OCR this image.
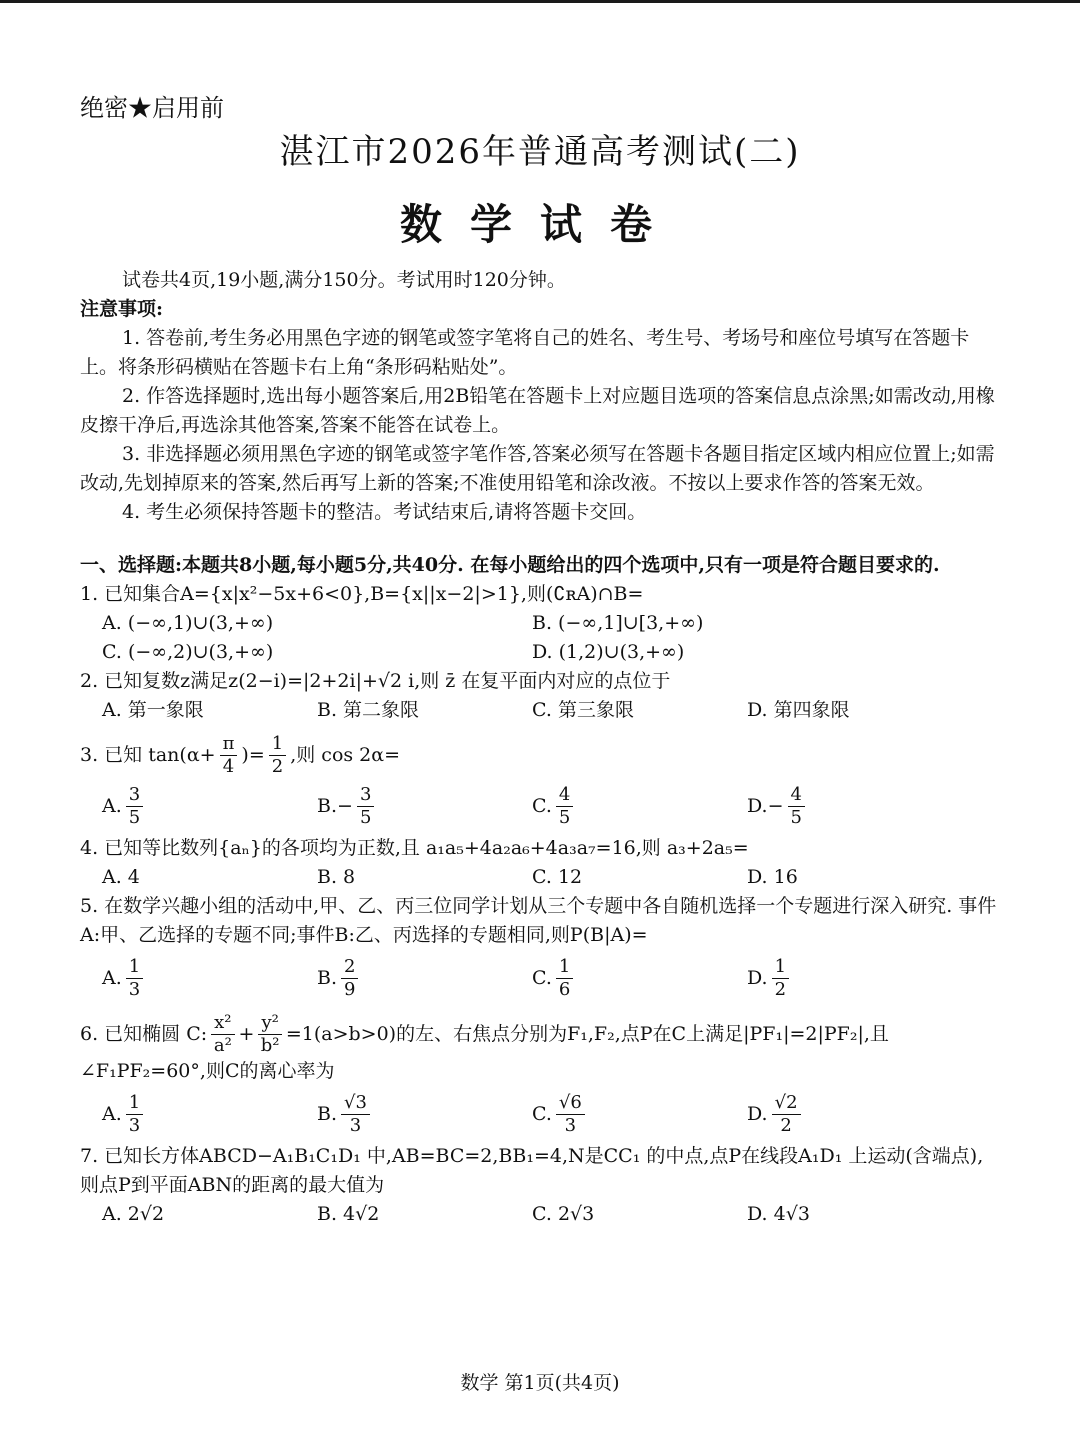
绝密★启用前

湛江市2026年普通高考测试(二)

数学试卷

试卷共4页,19小题,满分150分。考试用时120分钟。

注意事项:

1. 答卷前,考生务必用黑色字迹的钢笔或签字笔将自己的姓名、考生号、考场号和座位号填写在答题卡上。将条形码横贴在答题卡右上角“条形码粘贴处”。

2. 作答选择题时,选出每小题答案后,用2B铅笔在答题卡上对应题目选项的答案信息点涂黑;如需改动,用橡皮擦干净后,再选涂其他答案,答案不能答在试卷上。

3. 非选择题必须用黑色字迹的钢笔或签字笔作答,答案必须写在答题卡各题目指定区域内相应位置上;如需改动,先划掉原来的答案,然后再写上新的答案;不准使用铅笔和涂改液。不按以上要求作答的答案无效。

4. 考生必须保持答题卡的整洁。考试结束后,请将答题卡交回。

一、选择题:本题共8小题,每小题5分,共40分. 在每小题给出的四个选项中,只有一项是符合题目要求的.

1. 已知集合A={x|x²−5x+6<0},B={x||x−2|>1},则(∁ʀA)∩B=

A. (−∞,1)∪(3,+∞)	B. (−∞,1]∪[3,+∞)
C. (−∞,2)∪(3,+∞)	D. (1,2)∪(3,+∞)

2. 已知复数z满足z(2−i)=|2+2i|+√2 i,则 z̄ 在复平面内对应的点位于

A. 第一象限	B. 第二象限	C. 第三象限	D. 第四象限
3. 已知 $\tan(\alpha+ \frac{\pi}{4}$ )= $\frac{1}{2}$ ,则 cos 2α=
A. $\frac{3}{5}$	B. − $\frac{3}{5}$	C. $\frac{4}{5}$	D. − $\frac{4}{5}$

4. 已知等比数列{aₙ}的各项均为正数,且 a₁a₅+4a₂a₆+4a₃a₇=16,则 a₃+2a₅=

A. 4	B. 8	C. 12	D. 16

5. 在数学兴趣小组的活动中,甲、乙、丙三位同学计划从三个专题中各自随机选择一个专题进行深入研究. 事件A:甲、乙选择的专题不同;事件B:乙、丙选择的专题相同,则P(B|A)=

A. $\frac{1}{3}$	B. $\frac{2}{9}$	C. $\frac{1}{6}$	D. $\frac{1}{2}$
6. 已知椭圆 C: $\frac{\text{x²}}{\text{a²}} + \frac{\text{y²}}{\text{b²}} =1(a>b>0)$的左、右焦点分别为F₁,F₂,点P在C上满足|PF₁|=2|PF₂|,且

∠F₁PF₂=60°,则C的离心率为

A. $\frac{1}{3}$	B. $\frac{√3}{3}$	C. $\frac{√6}{3}$	D. $\frac{√2}{2}$

7. 已知长方体ABCD−A₁B₁C₁D₁ 中,AB=BC=2,BB₁=4,N是CC₁ 的中点,点P在线段A₁D₁ 上运动(含端点),则点P到平面ABN的距离的最大值为

A. 2√2	B. 4√2	C. 2√3	D. 4√3
数学 第1页(共4页)
